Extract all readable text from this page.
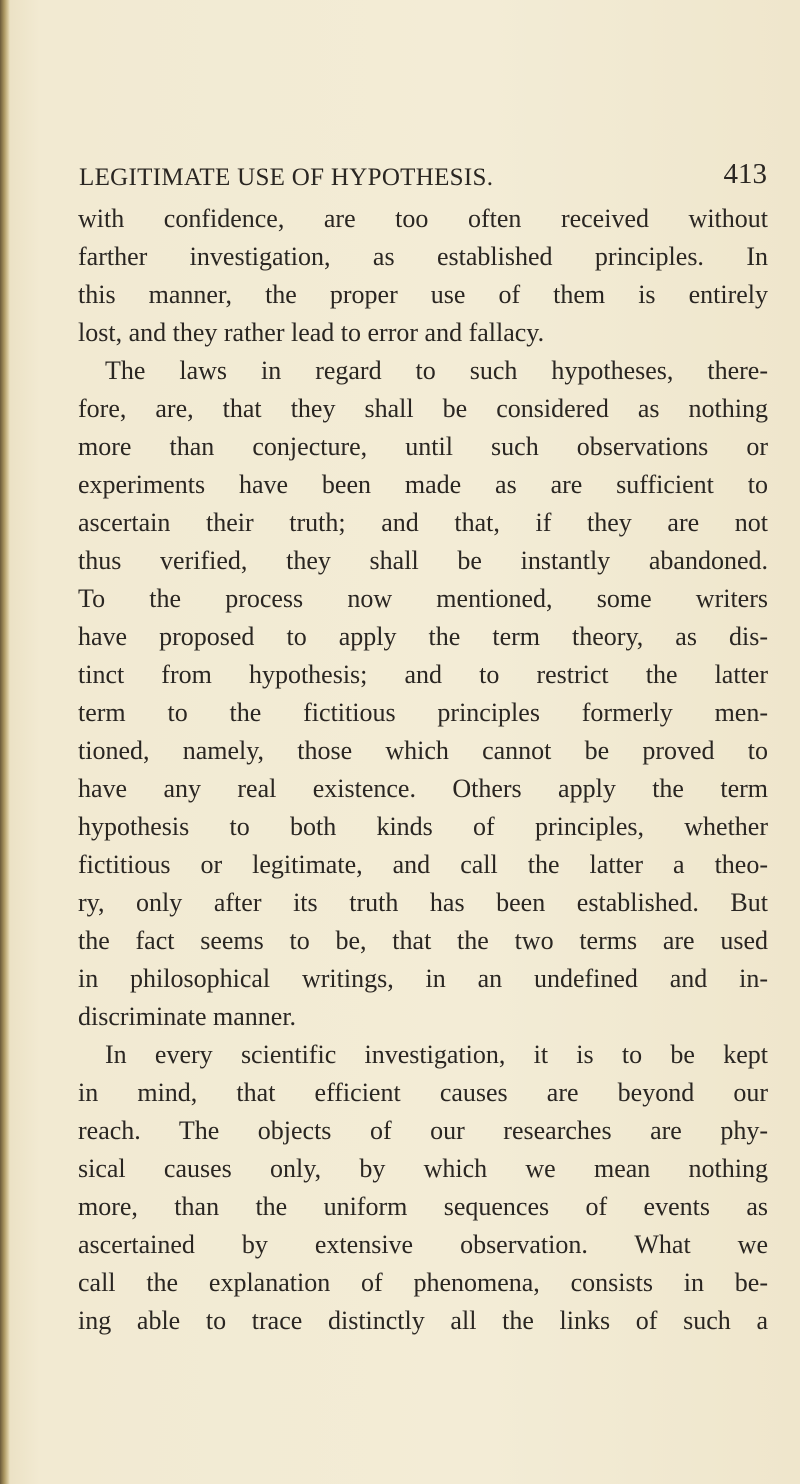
LEGITIMATE USE OF HYPOTHESIS.	413
with confidence, are too often received without
farther investigation, as established principles. In
this manner, the proper use of them is entirely
lost, and they rather lead to error and fallacy.
The laws in regard to such hypotheses, there-
fore, are, that they shall be considered as nothing
more than conjecture, until such observations or
experiments have been made as are sufficient to
ascertain their truth; and that, if they are not
thus verified, they shall be instantly abandoned.
To the process now mentioned, some writers
have proposed to apply the term theory, as dis-
tinct from hypothesis; and to restrict the latter
term to the fictitious principles formerly men-
tioned, namely, those which cannot be proved to
have any real existence. Others apply the term
hypothesis to both kinds of principles, whether
fictitious or legitimate, and call the latter a theo-
ry, only after its truth has been established. But
the fact seems to be, that the two terms are used
in philosophical writings, in an undefined and in-
discriminate manner.
In every scientific investigation, it is to be kept
in mind, that efficient causes are beyond our
reach. The objects of our researches are phy-
sical causes only, by which we mean nothing
more, than the uniform sequences of events as
ascertained by extensive observation. What we
call the explanation of phenomena, consists in be-
ing able to trace distinctly all the links of such a
